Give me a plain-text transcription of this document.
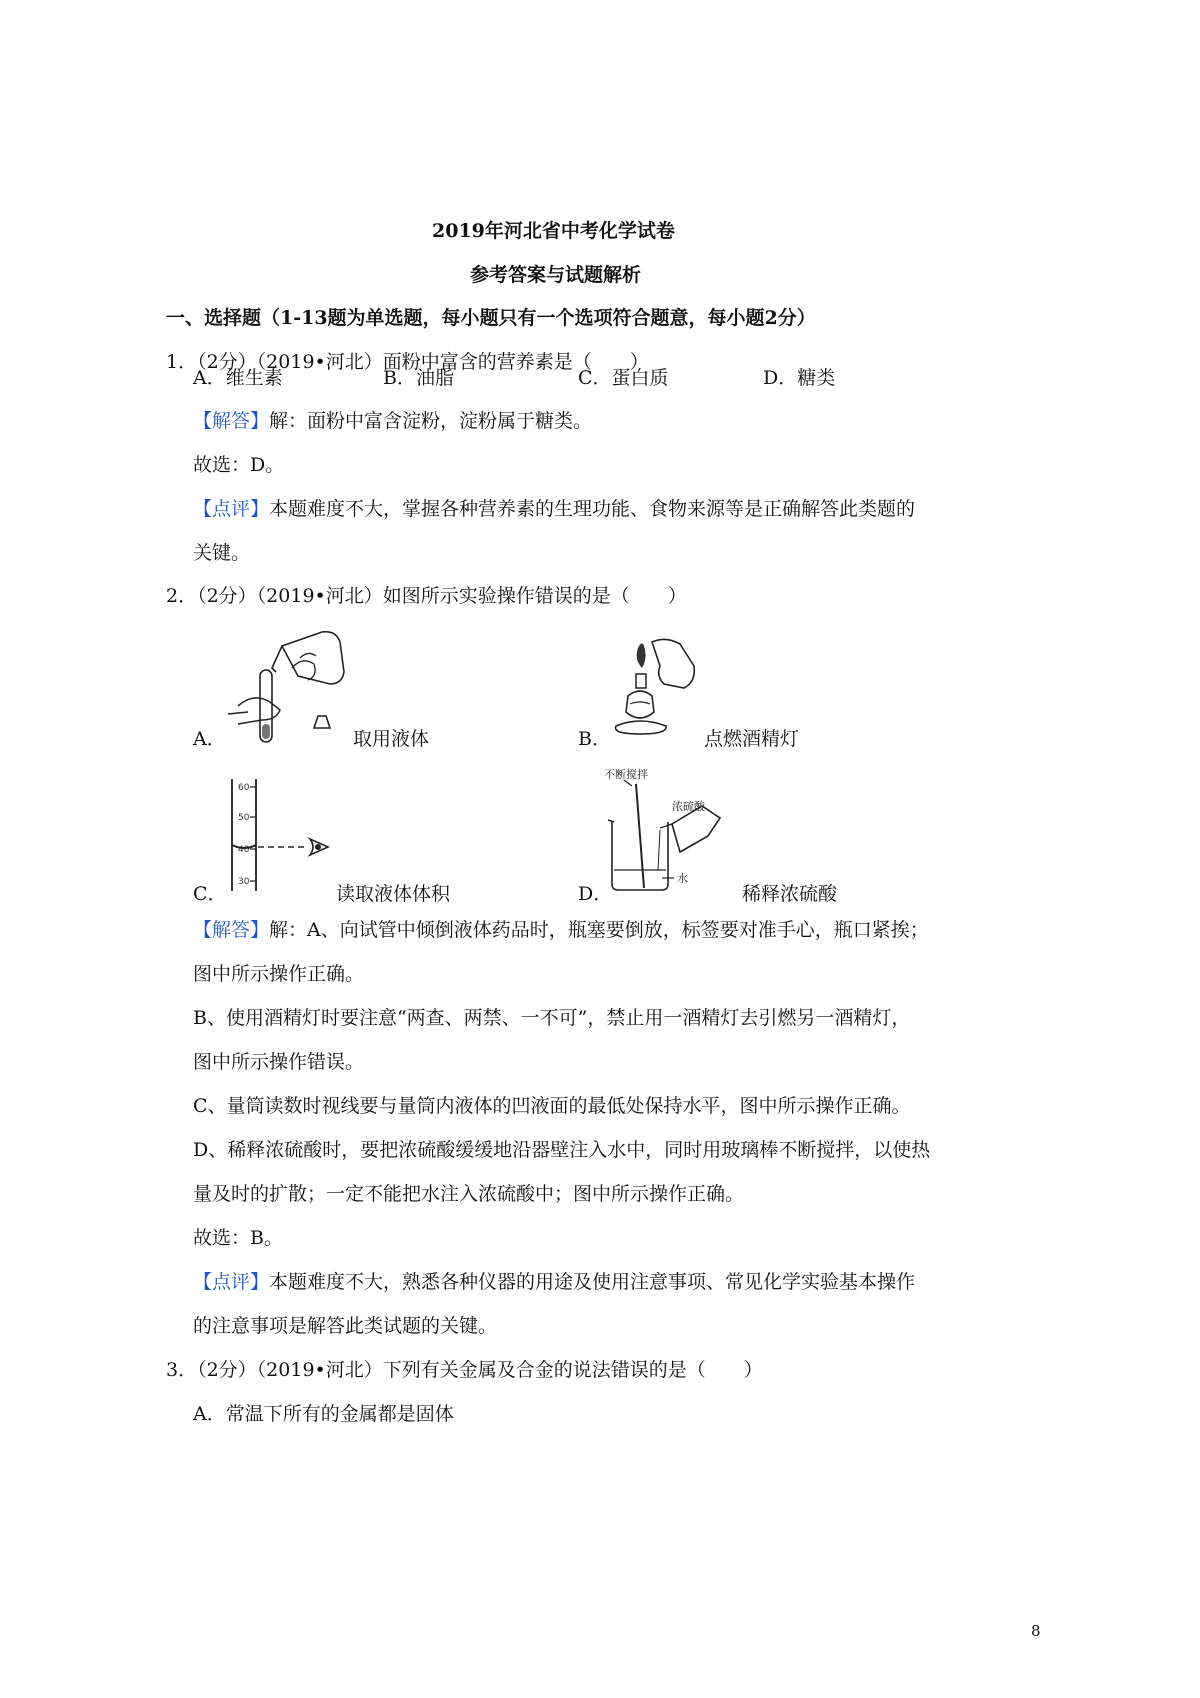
2019年河北省中考化学试卷
参考答案与试题解析
一、选择题（1-13题为单选题，每小题只有一个选项符合题意，每小题2分）
1．（2分）（2019•河北）面粉中富含的营养素是（　　）
A．维生素	B．油脂	C．蛋白质	D．糖类
【解答】解：面粉中富含淀粉，淀粉属于糖类。
故选：D。
【点评】本题难度不大，掌握各种营养素的生理功能、食物来源等是正确解答此类题的
关键。
2．（2分）（2019•河北）如图所示实验操作错误的是（　　）
A．	取用液体	B．	点燃酒精灯
C．
60
50
40
30
读取液体体积	D．
不断搅拌
浓硫酸
水
稀释浓硫酸
【解答】解：A、向试管中倾倒液体药品时，瓶塞要倒放，标签要对准手心，瓶口紧挨；
图中所示操作正确。
B、使用酒精灯时要注意“两查、两禁、一不可”，禁止用一酒精灯去引燃另一酒精灯，
图中所示操作错误。
C、量筒读数时视线要与量筒内液体的凹液面的最低处保持水平，图中所示操作正确。
D、稀释浓硫酸时，要把浓硫酸缓缓地沿器壁注入水中，同时用玻璃棒不断搅拌，以使热
量及时的扩散；一定不能把水注入浓硫酸中；图中所示操作正确。
故选：B。
【点评】本题难度不大，熟悉各种仪器的用途及使用注意事项、常见化学实验基本操作
的注意事项是解答此类试题的关键。
3．（2分）（2019•河北）下列有关金属及合金的说法错误的是（　　）
A．常温下所有的金属都是固体
8
